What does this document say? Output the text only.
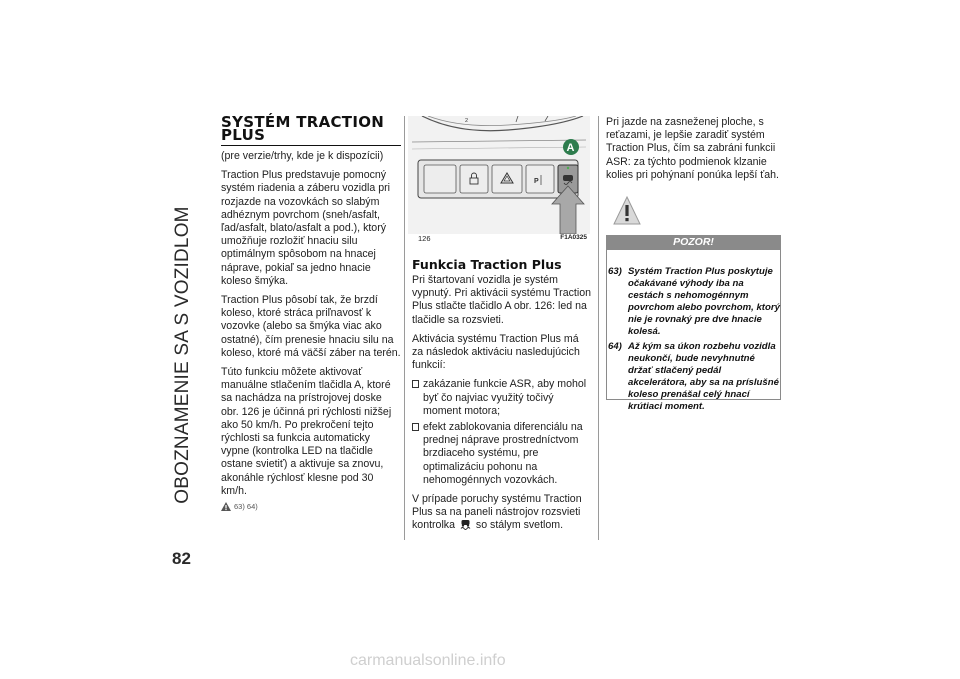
OBOZNAMENIE SA S VOZIDLOM
82
carmanualsonline.info
SYSTÉM TRACTION PLUS

(pre verzie/trhy, kde je k dispozícii)

Traction Plus predstavuje pomocný systém riadenia a záberu vozidla pri rozjazde na vozovkách so slabým adhéznym povrchom (sneh/asfalt, ľad/asfalt, blato/asfalt a pod.), ktorý umožňuje rozložiť hnaciu silu optimálnym spôsobom na hnacej náprave, pokiaľ sa jedno hnacie koleso šmýka.

Traction Plus pôsobí tak, že brzdí koleso, ktoré stráca priľnavosť k vozovke (alebo sa šmýka viac ako ostatné), čím prenesie hnaciu silu na koleso, ktoré má väčší záber na terén.

Túto funkciu môžete aktivovať manuálne stlačením tlačidla A, ktoré sa nachádza na prístrojovej doske obr. 126 je účinná pri rýchlosti nižšej ako 50 km/h. Po prekročení tejto rýchlosti sa funkcia automaticky vypne (kontrolka LED na tlačidle ostane svietiť) a aktivuje sa znovu, akonáhle rýchlosť klesne pod 30 km/h.

63) 64)
2
P
A
126	F1A0325
Funkcia Traction Plus

Pri štartovaní vozidla je systém vypnutý. Pri aktivácii systému Traction Plus stlačte tlačidlo A obr. 126: led na tlačidle sa rozsvieti.

Aktivácia systému Traction Plus má za následok aktiváciu nasledujúcich funkcií:

zakázanie funkcie ASR, aby mohol byť čo najviac využitý točivý moment motora;
efekt zablokovania diferenciálu na prednej náprave prostredníctvom brzdiaceho systému, pre optimalizáciu pohonu na nehomogénnych vozovkách.

V prípade poruchy systému Traction Plus sa na paneli nástrojov rozsvieti kontrolka so stálym svetlom.

Pri jazde na zasneženej ploche, s reťazami, je lepšie zaradiť systém Traction Plus, čím sa zabráni funkcii ASR: za týchto podmienok klzanie kolies pri pohýnaní ponúka lepší ťah.

POZOR!
63) Systém Traction Plus poskytuje očakávané výhody iba na cestách s nehomogénnym povrchom alebo povrchom, ktorý nie je rovnaký pre dve hnacie kolesá.
64) Až kým sa úkon rozbehu vozidla neukončí, bude nevyhnutné držať stlačený pedál akcelerátora, aby sa na príslušné koleso prenášal celý hnací krútiaci moment.
